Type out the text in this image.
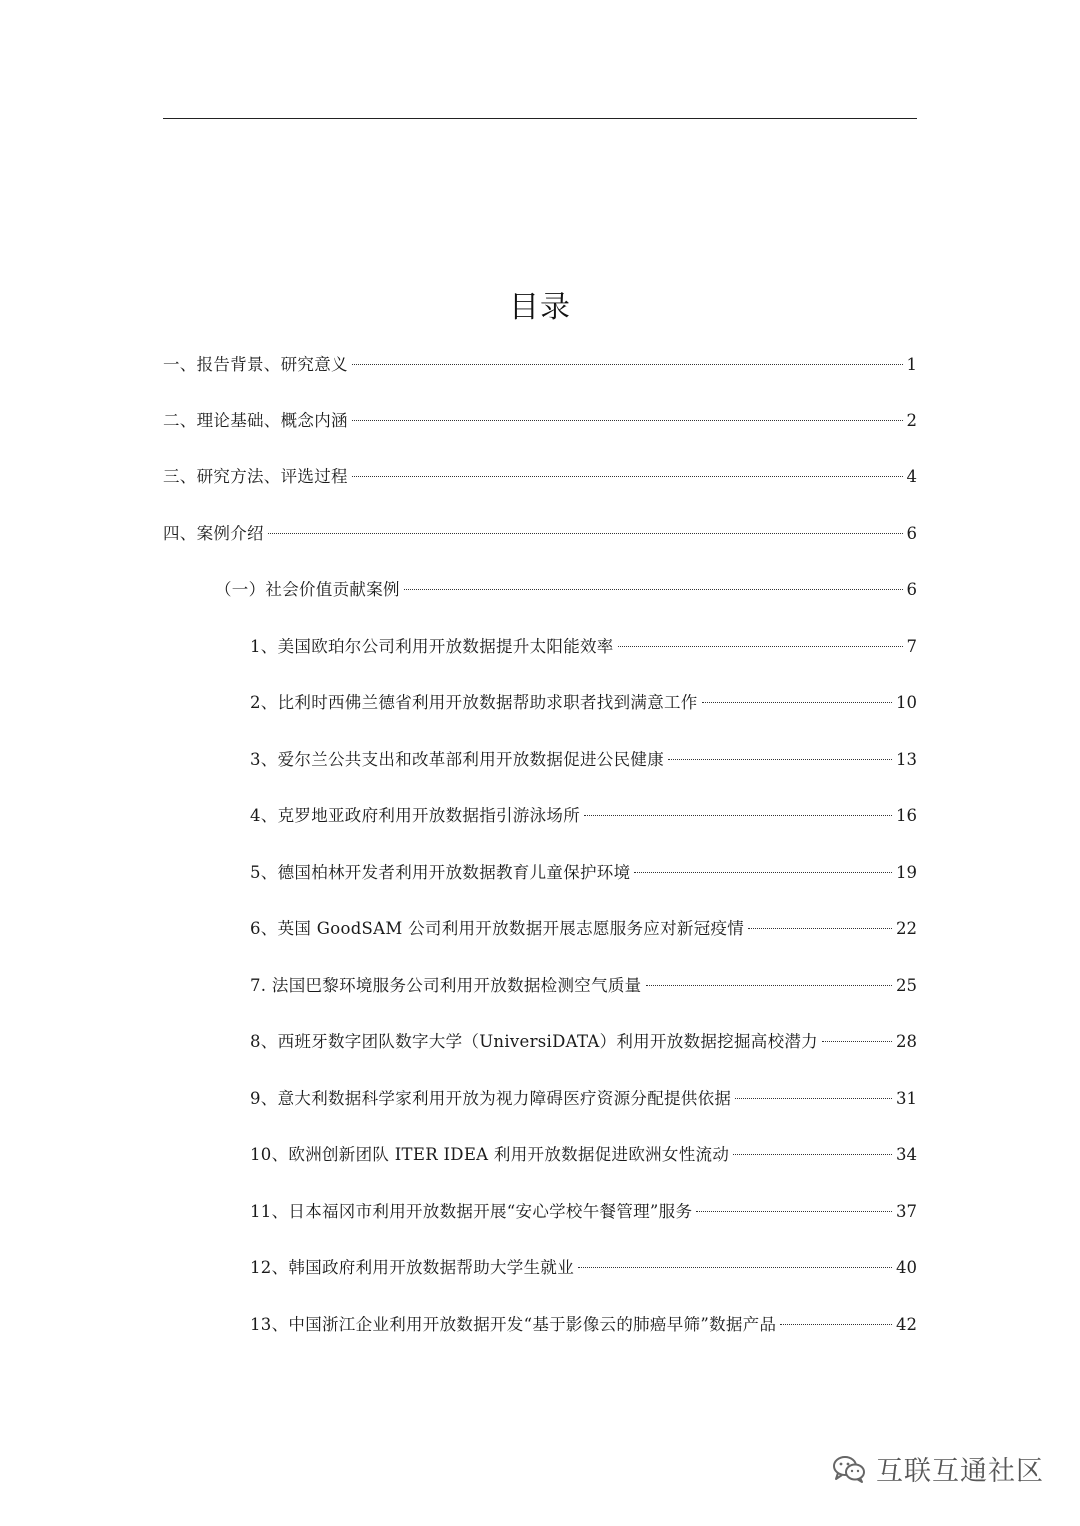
目录
一、报告背景、研究意义	1
二、理论基础、概念内涵	2
三、研究方法、评选过程	4
四、案例介绍	6
（一）社会价值贡献案例	6
1、美国欧珀尔公司利用开放数据提升太阳能效率	7
2、比利时西佛兰德省利用开放数据帮助求职者找到满意工作	10
3、爱尔兰公共支出和改革部利用开放数据促进公民健康	13
4、克罗地亚政府利用开放数据指引游泳场所	16
5、德国柏林开发者利用开放数据教育儿童保护环境	19
6、英国 GoodSAM 公司利用开放数据开展志愿服务应对新冠疫情	22
7. 法国巴黎环境服务公司利用开放数据检测空气质量	25
8、西班牙数字团队数字大学（UniversiDATA）利用开放数据挖掘高校潜力	28
9、意大利数据科学家利用开放为视力障碍医疗资源分配提供依据	31
10、欧洲创新团队 ITER IDEA 利用开放数据促进欧洲女性流动	34
11、日本福冈市利用开放数据开展“安心学校午餐管理”服务	37
12、韩国政府利用开放数据帮助大学生就业	40
13、中国浙江企业利用开放数据开发“基于影像云的肺癌早筛”数据产品	42
互联互通社区
